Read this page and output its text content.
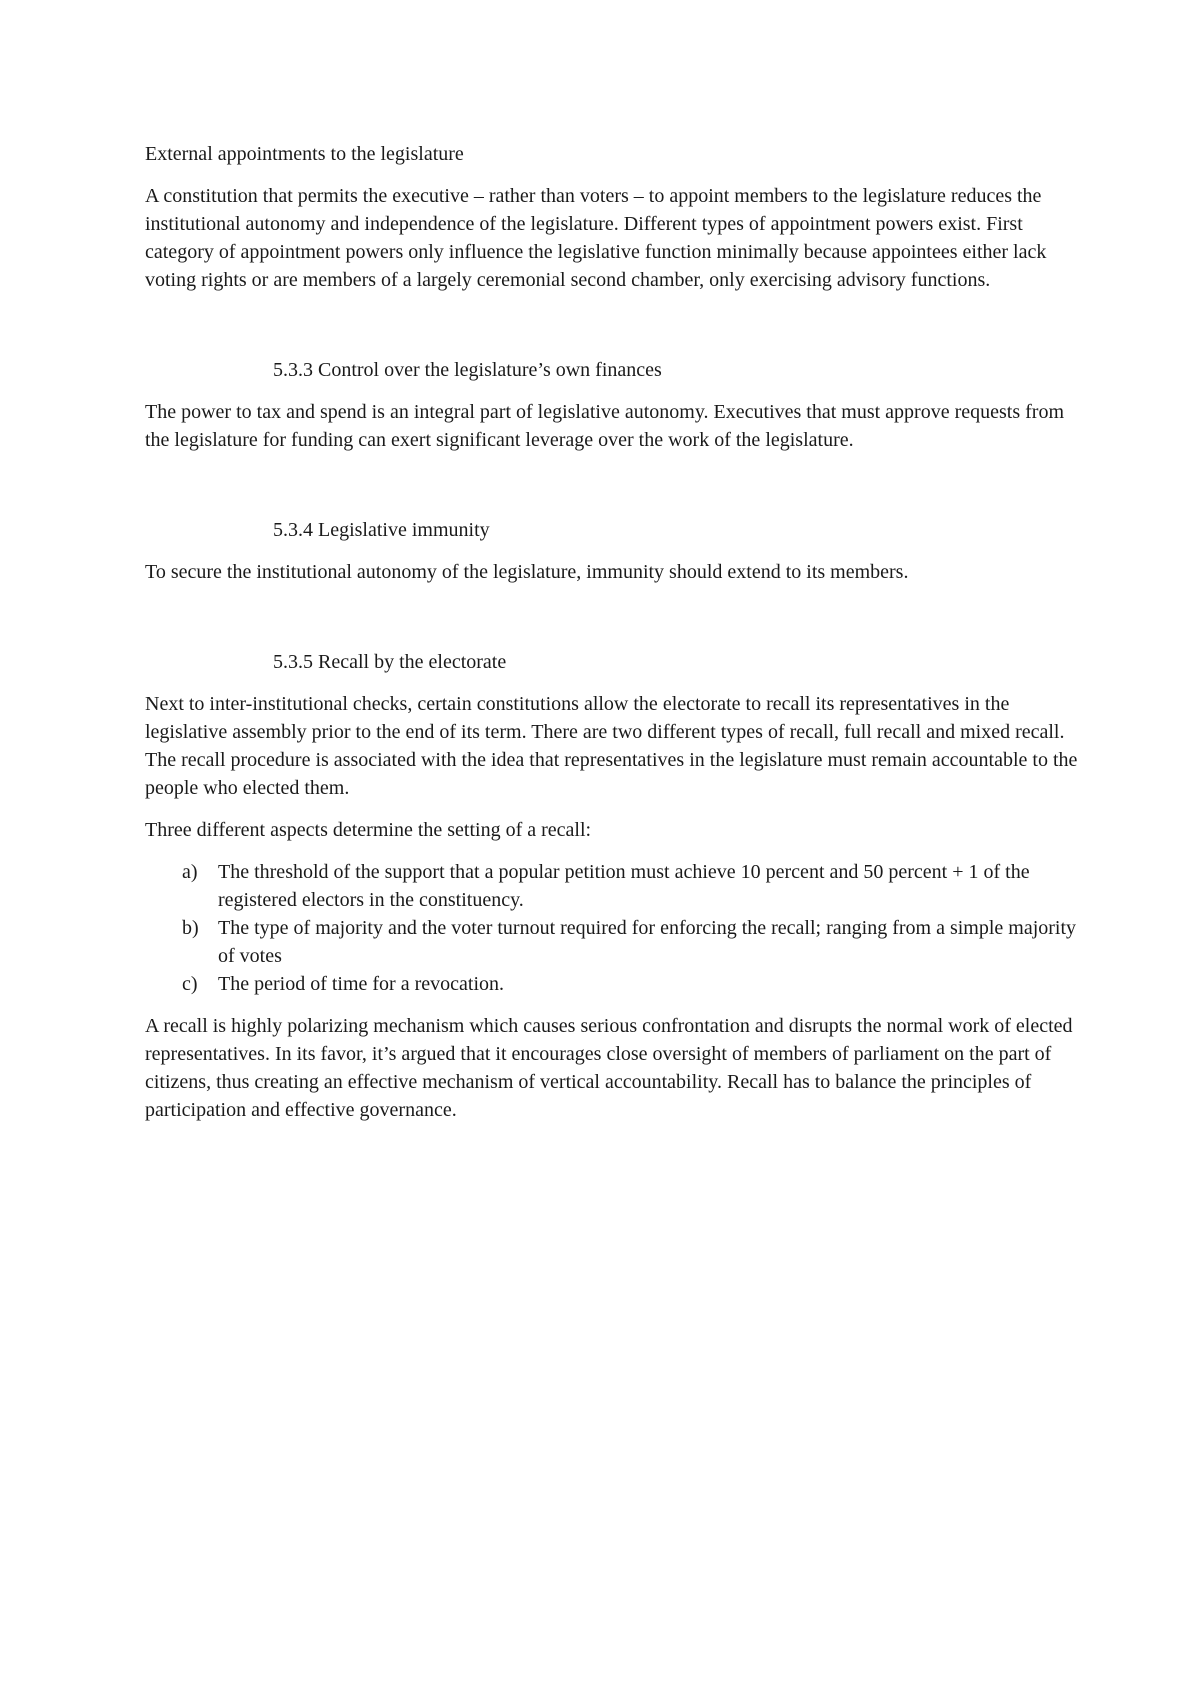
External appointments to the legislature

A constitution that permits the executive – rather than voters – to appoint members to the legislature reduces the institutional autonomy and independence of the legislature. Different types of appointment powers exist. First category of appointment powers only influence the legislative function minimally because appointees either lack voting rights or are members of a largely ceremonial second chamber, only exercising advisory functions.

5.3.3 Control over the legislature’s own finances

The power to tax and spend is an integral part of legislative autonomy. Executives that must approve requests from the legislature for funding can exert significant leverage over the work of the legislature.

5.3.4 Legislative immunity

To secure the institutional autonomy of the legislature, immunity should extend to its members.

5.3.5 Recall by the electorate

Next to inter-institutional checks, certain constitutions allow the electorate to recall its representatives in the legislative assembly prior to the end of its term. There are two different types of recall, full recall and mixed recall. The recall procedure is associated with the idea that representatives in the legislature must remain accountable to the people who elected them.

Three different aspects determine the setting of a recall:

a) The threshold of the support that a popular petition must achieve 10 percent and 50 percent + 1 of the registered electors in the constituency.
b) The type of majority and the voter turnout required for enforcing the recall; ranging from a simple majority of votes
c) The period of time for a revocation.

A recall is highly polarizing mechanism which causes serious confrontation and disrupts the normal work of elected representatives. In its favor, it’s argued that it encourages close oversight of members of parliament on the part of citizens, thus creating an effective mechanism of vertical accountability. Recall has to balance the principles of participation and effective governance.
